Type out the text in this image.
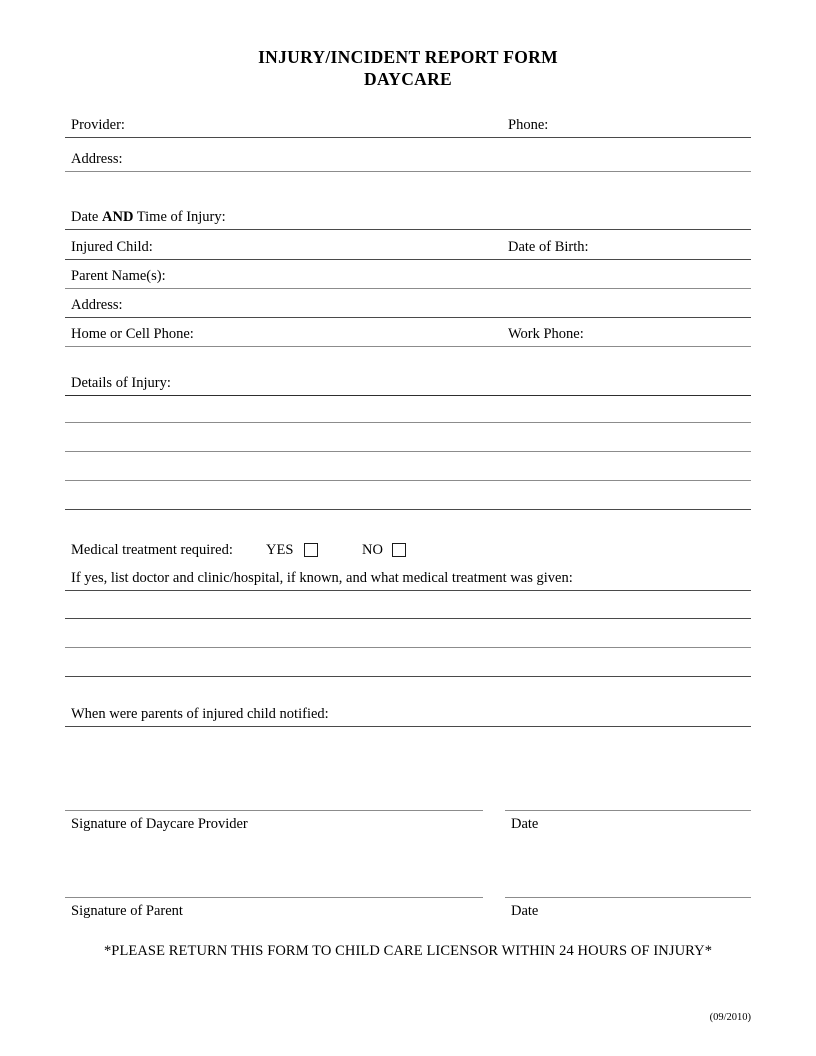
INJURY/INCIDENT REPORT FORM
DAYCARE
Provider:	Phone:
Address:
Date AND Time of Injury:
Injured Child:	Date of Birth:
Parent Name(s):
Address:
Home or Cell Phone:	Work Phone:
Details of Injury:
Medical treatment required: YES	NO
If yes, list doctor and clinic/hospital, if known, and what medical treatment was given:
When were parents of injured child notified:
Signature of Daycare Provider	Date
Signature of Parent	Date
*PLEASE RETURN THIS FORM TO CHILD CARE LICENSOR WITHIN 24 HOURS OF INJURY*
(09/2010)
